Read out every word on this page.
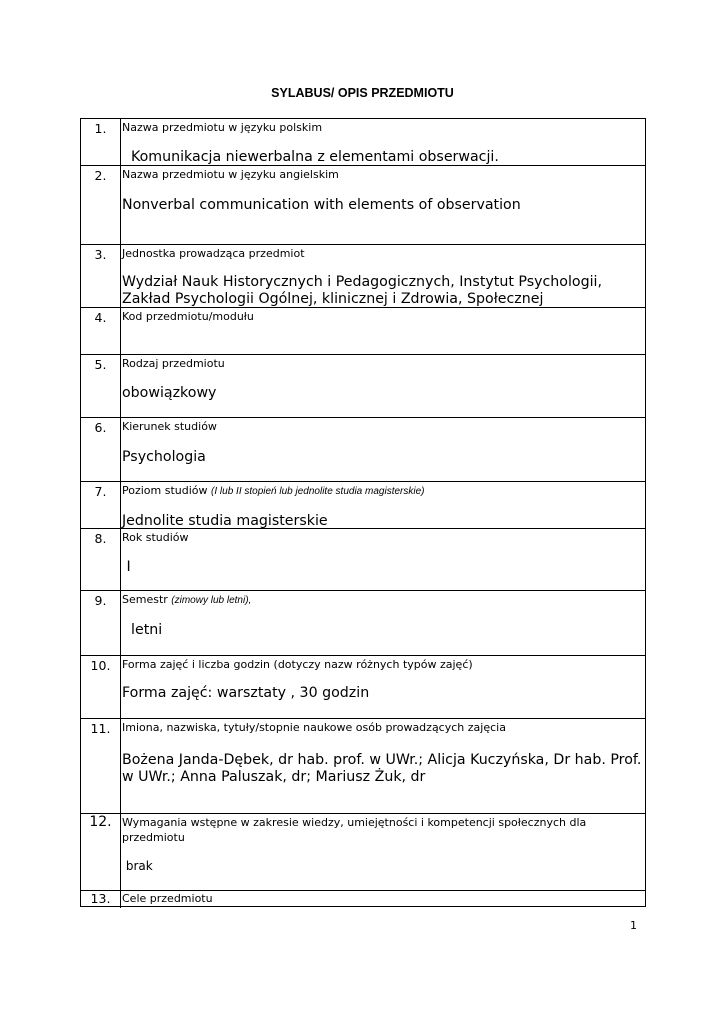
SYLABUS/ OPIS PRZEDMIOTU
1.	Nazwa przedmiotu w języku polskim
Komunikacja niewerbalna z elementami obserwacji.
2.	Nazwa przedmiotu w języku angielskim
Nonverbal communication with elements of observation
3.	Jednostka prowadząca przedmiot
Wydział Nauk Historycznych i Pedagogicznych, Instytut Psychologii,
Zakład Psychologii Ogólnej, klinicznej i Zdrowia, Społecznej
4.	Kod przedmiotu/modułu
5.	Rodzaj przedmiotu
obowiązkowy
6.	Kierunek studiów
Psychologia
7.	Poziom studiów (I lub II stopień lub jednolite studia magisterskie)
Jednolite studia magisterskie
8.	Rok studiów
I
9.	Semestr (zimowy lub letni),
letni
10.	Forma zajęć i liczba godzin (dotyczy nazw różnych typów zajęć)
Forma zajęć: warsztaty , 30 godzin
11.	Imiona, nazwiska, tytuły/stopnie naukowe osób prowadzących zajęcia
Bożena Janda-Dębek, dr hab. prof. w UWr.; Alicja Kuczyńska, Dr hab. Prof.
w UWr.; Anna Paluszak, dr; Mariusz Żuk, dr
12. Wymagania wstępne w zakresie wiedzy, umiejętności i kompetencji społecznych dla
przedmiotu
brak
13.	Cele przedmiotu
1
